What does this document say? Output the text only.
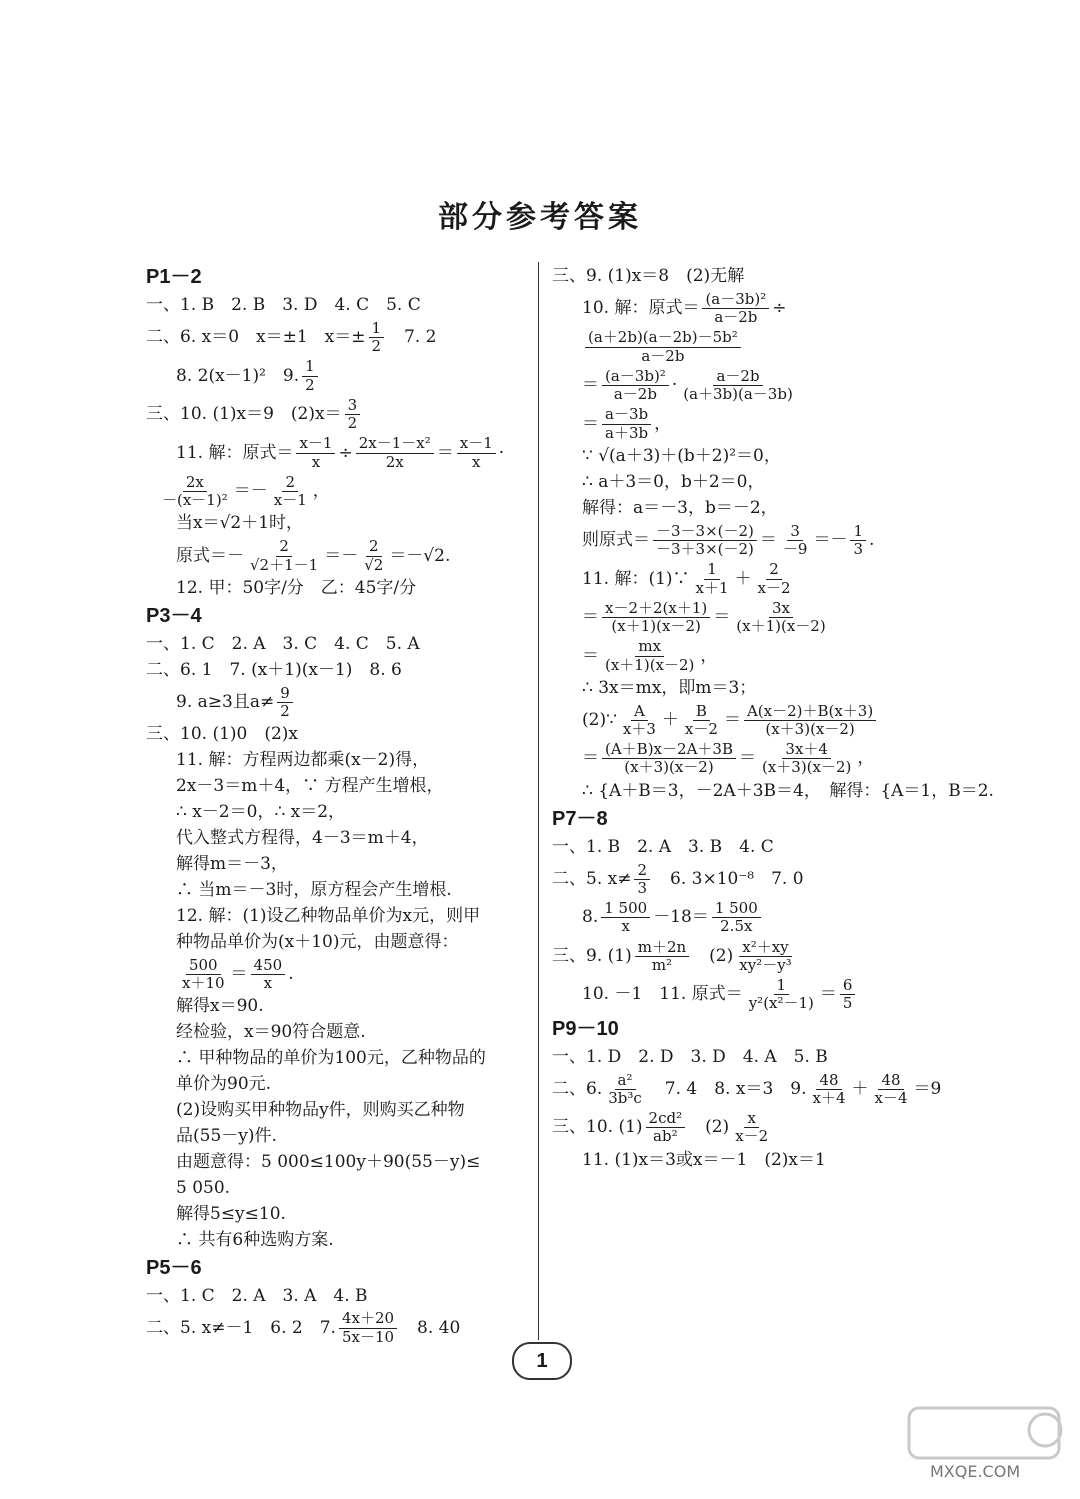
部分参考答案
P1－2
一、1. B　2. B　3. D　4. C　5. C
二、6. x＝0　x＝±1　$x=\pm \frac{1}{2}$ 　7. 2
8. 2(x－1)²　9. $\frac{1}{2}$
三、10. (1)x＝9　$(2)x= \frac{3}{2}$
11. 解：原式＝ $\frac{x-1}{x} \div \frac{\text{2x－1－x²}}{2x} = \frac{x-1}{x}$ ·
$\frac{2x}{\text{－(x－1)²}} =- \frac{2}{x-1}$ ，
当x＝√2＋1时，
原式＝－ $\frac{2}{√2+1-1} =- \frac{2}{√2} =-√2$.
12. 甲：50字/分　乙：45字/分
P3－4
一、1. C　2. A　3. C　4. C　5. A
二、6. 1　7. (x＋1)(x－1)　8. 6
9. a≥3且$a\ne \frac{9}{2}$
三、10. (1)0　(2)x
11. 解：方程两边都乘(x－2)得，
2x－3＝m＋4，∵ 方程产生增根，
∴ x－2＝0，∴ x＝2，
代入整式方程得，4－3＝m＋4，
解得m＝－3，
∴ 当m＝－3时，原方程会产生增根.
12. 解：(1)设乙种物品单价为x元，则甲
种物品单价为(x＋10)元，由题意得：
$\frac{500}{x+10} = \frac{450}{x}$ .
解得x＝90.
经检验，x＝90符合题意.
∴ 甲种物品的单价为100元，乙种物品的
单价为90元.
(2)设购买甲种物品y件，则购买乙种物
品(55－y)件.
由题意得：5 000≤100y＋90(55－y)≤
5 050.
解得5≤y≤10.
∴ 共有6种选购方案.
P5－6
一、1. C　2. A　3. A　4. B
二、5. x≠－1　6. 2　7. $\frac{4x+20}{5x-10}$ 　8. 40
三、9. (1)x＝8　(2)无解
10. 解：原式＝ $\frac{\text{(a－3b)²}}{a-2b}$ ÷
$\frac{\text{(a＋2b)(a－2b)－5b²}}{a-2b}$
＝ $\frac{\text{(a－3b)²}}{a-2b} \cdot \frac{a-2b}{(a+3b)(a-3b)}$
＝ $\frac{a-3b}{a+3b}$ ，
∵ √(a＋3)＋(b＋2)²＝0，
∴ a＋3＝0，b＋2＝0，
解得：a＝－3，b＝－2，
则原式＝ $\frac{-3-3\times(-2)}{-3+3\times(-2)} = \frac{3}{-9} =- \frac{1}{3}$ .
11. 解：(1)∵ $\frac{1}{x+1} + \frac{2}{x-2}$
＝ $\frac{x-2+2(x+1)}{(x+1)(x-2)} = \frac{3x}{(x+1)(x-2)}$
＝ $\frac{mx}{(x+1)(x-2)}$ ，
∴ 3x＝mx，即m＝3；
(2)∵ $\frac{A}{x+3} + \frac{B}{x-2} = \frac{A(x-2)+B(x+3)}{(x+3)(x-2)}$
＝ $\frac{(A+B)x-2A+3B}{(x+3)(x-2)} = \frac{3x+4}{(x+3)(x-2)}$ ，
∴ {A＋B＝3，－2A＋3B＝4，　解得：{A＝1，B＝2.
P7－8
一、1. B　2. A　3. B　4. C
二、5. $x\ne \frac{2}{3}$ 　6. 3×10⁻⁸　7. 0
8. $\frac{1 500}{x} -18= \frac{1 500}{2.5x}$
三、9. $(1) \frac{m+2n}{\text{m²}}$ 　$(2) \frac{\text{x²＋xy}}{\text{xy²－y³}}$
10. －1　11. 原式＝ $\frac{1}{\text{y²(x²－1)}} = \frac{6}{5}$
P9－10
一、1. D　2. D　3. D　4. A　5. B
二、6. $\frac{\text{a²}}{\text{3b³c}}$ 　7. 4　8. x＝3　9. $\frac{48}{x+4} + \frac{48}{x-4} =9$
三、10. $(1) \frac{\text{2cd²}}{\text{ab²}}$ 　$(2) \frac{x}{x-2}$
11. (1)x＝3或x＝－1　(2)x＝1
1
MXQE.COM
